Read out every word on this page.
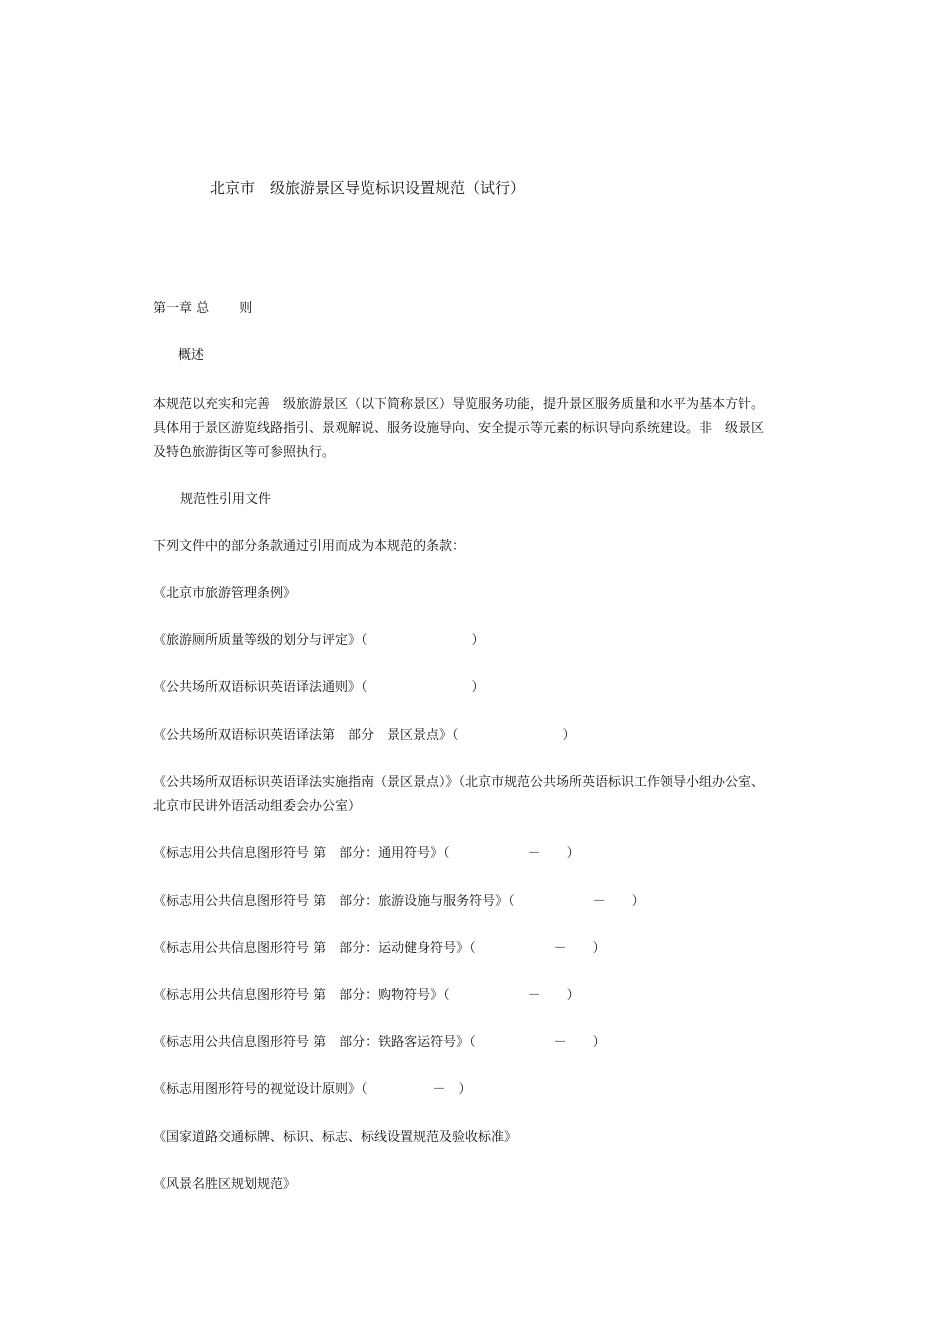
北京市　级旅游景区导览标识设置规范（试行）
第一章 总　　 则
概述
本规范以充实和完善　级旅游景区（以下简称景区）导览服务功能，提升景区服务质量和水平为基本方针。
具体用于景区游览线路指引、景观解说、服务设施导向、安全提示等元素的标识导向系统建设。非　级景区
及特色旅游街区等可参照执行。
规范性引用文件
下列文件中的部分条款通过引用而成为本规范的条款：
《北京市旅游管理条例》
《旅游厕所质量等级的划分与评定》（　　　　　　　　）
《公共场所双语标识英语译法通则》（　　　　　　　　）
《公共场所双语标识英语译法第　部分　景区景点》（　　　　　　　　）
《公共场所双语标识英语译法实施指南（景区景点）》（北京市规范公共场所英语标识工作领导小组办公室、
北京市民讲外语活动组委会办公室）
《标志用公共信息图形符号 第　部分：通用符号》（　　　　　　－　　）
《标志用公共信息图形符号 第　部分：旅游设施与服务符号》（　　　　　　－　　）
《标志用公共信息图形符号 第　部分：运动健身符号》（　　　　　　－　　）
《标志用公共信息图形符号 第　部分：购物符号》（　　　　　　－　　）
《标志用公共信息图形符号 第　部分：铁路客运符号》（　　　　　　－　　）
《标志用图形符号的视觉设计原则》（　　　　　－　）
《国家道路交通标牌、标识、标志、标线设置规范及验收标准》
《风景名胜区规划规范》
